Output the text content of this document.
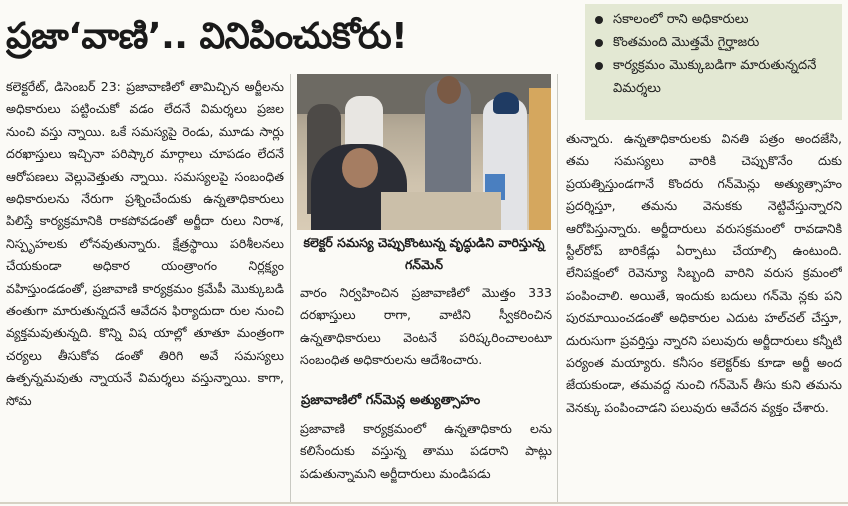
ప్రజా‘వాణి’.. వినిపించుకోరు!	సకాలంలో రాని అధికారులు
కొంతమంది మొత్తమే గైర్హాజరు
కార్యక్రమం మొక్కుబడిగా మారుతున్నదనే విమర్శలు

కలెక్టరేట్, డిసెంబర్ 23: ప్రజావాణిలో తామిచ్చిన అర్జీలను అధికారులు పట్టించుకో వడం లేదనే విమర్శలు ప్రజల నుంచి వస్తు న్నాయి. ఒకే సమస్యపై రెండు, మూడు సార్లు దరఖాస్తులు ఇచ్చినా పరిష్కార మార్గాలు చూపడం లేదనే ఆరోపణలు వెల్లువెత్తుతు న్నాయి. సమస్యలపై సంబంధిత అధికారులను నేరుగా ప్రశ్నించేందుకు ఉన్నతాధికారులు పిలిస్తే కార్యక్రమానికి రాకపోవడంతో అర్జీదా రులు నిరాశ, నిస్పృహలకు లోనవుతున్నారు. క్షేత్రస్థాయి పరిశీలనలు చేయకుండా అధికార యంత్రాంగం నిర్లక్ష్యం వహిస్తుండడంతో, ప్రజావాణి కార్యక్రమం క్రమేపీ మొక్కుబడి తంతుగా మారుతున్నదనే ఆవేదన ఫిర్యాదుదా రుల నుంచి వ్యక్తమవుతున్నది. కొన్ని విష యాల్లో తూతూ మంత్రంగా చర్యలు తీసుకోవ డంతో తిరిగి అవే సమస్యలు ఉత్పన్నమవుతు న్నాయనే విమర్శలు వస్తున్నాయి. కాగా, సోమ

కలెక్టర్ సమస్య చెప్పుకొంటున్న వృద్ధుడిని వారిస్తున్న గన్‌మెన్

వారం నిర్వహించిన ప్రజావాణిలో మొత్తం 333 దరఖాస్తులు రాగా, వాటిని స్వీకరించిన ఉన్నతాధికారులు వెంటనే పరిష్కరించాలంటూ సంబంధిత అధికారులను ఆదేశించారు.

ప్రజావాణిలో గన్‌మెన్ల అత్యుత్సాహం

ప్రజావాణి కార్యక్రమంలో ఉన్నతాధికారు లను కలిసేందుకు వస్తున్న తాము పడరాని పాట్లు పడుతున్నామని అర్జీదారులు మండిపడు

తున్నారు. ఉన్నతాధికారులకు వినతి పత్రం అందజేసి, తమ సమస్యలు వారికి చెప్పుకొనేం దుకు ప్రయత్నిస్తుండగానే కొందరు గన్‌మెన్లు అత్యుత్సాహం ప్రదర్శిస్తూ, తమను వెనుకకు నెట్టివేస్తున్నారని ఆరోపిస్తున్నారు. అర్జీదారులు వరుసక్రమంలో రావడానికి స్టీల్‌రోప్ బారికేడ్లు ఏర్పాటు చేయాల్సి ఉంటుంది. లేనిపక్షంలో రెవెన్యూ సిబ్బంది వారిని వరుస క్రమంలో పంపించాలి. అయితే, ఇందుకు బదులు గన్‌మె న్లకు పని పురమాయించడంతో అధికారుల ఎదుట హల్‌చల్ చేస్తూ, దురుసుగా ప్రవర్తిస్తు న్నారని పలువురు అర్జీదారులు కన్నీటి పర్యంత మయ్యారు. కనీసం కలెక్టర్‌కు కూడా అర్జీ అంద జేయకుండా, తమవద్ద నుంచి గన్‌మెన్ తీసు కుని తమను వెనక్కు పంపించాడని పలువురు ఆవేదన వ్యక్తం చేశారు.
